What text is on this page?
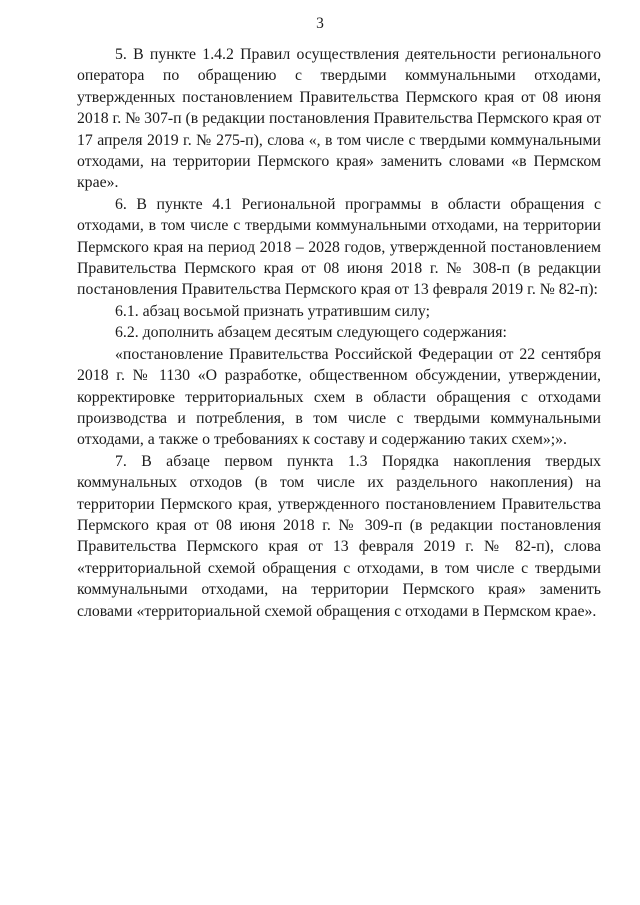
3

5. В пункте 1.4.2 Правил осуществления деятельности регионального оператора по обращению с твердыми коммунальными отходами, утвержденных постановлением Правительства Пермского края от 08 июня 2018 г. № 307-п (в редакции постановления Правительства Пермского края от 17 апреля 2019 г. № 275-п), слова «, в том числе с твердыми коммунальными отходами, на территории Пермского края» заменить словами «в Пермском крае».

6. В пункте 4.1 Региональной программы в области обращения с отходами, в том числе с твердыми коммунальными отходами, на территории Пермского края на период 2018 – 2028 годов, утвержденной постановлением Правительства Пермского края от 08 июня 2018 г. № 308-п (в редакции постановления Правительства Пермского края от 13 февраля 2019 г. № 82-п):

6.1. абзац восьмой признать утратившим силу;

6.2. дополнить абзацем десятым следующего содержания:

«постановление Правительства Российской Федерации от 22 сентября 2018 г. № 1130 «О разработке, общественном обсуждении, утверждении, корректировке территориальных схем в области обращения с отходами производства и потребления, в том числе с твердыми коммунальными отходами, а также о требованиях к составу и содержанию таких схем»;».

7. В абзаце первом пункта 1.3 Порядка накопления твердых коммунальных отходов (в том числе их раздельного накопления) на территории Пермского края, утвержденного постановлением Правительства Пермского края от 08 июня 2018 г. № 309-п (в редакции постановления Правительства Пермского края от 13 февраля 2019 г. № 82-п), слова «территориальной схемой обращения с отходами, в том числе с твердыми коммунальными отходами, на территории Пермского края» заменить словами «территориальной схемой обращения с отходами в Пермском крае».
